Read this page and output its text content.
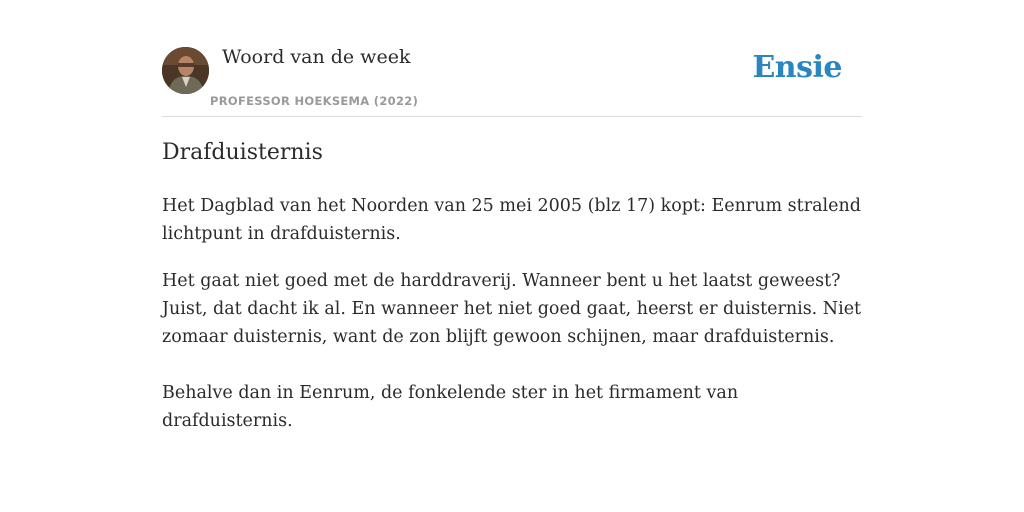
Woord van de week
PROFESSOR HOEKSEMA (2022)
Ensie
Drafduisternis

Het Dagblad van het Noorden van 25 mei 2005 (blz 17) kopt: Eenrum stralend lichtpunt in drafduisternis.

Het gaat niet goed met de harddraverij. Wanneer bent u het laatst geweest? Juist, dat dacht ik al. En wanneer het niet goed gaat, heerst er duisternis. Niet zomaar duisternis, want de zon blijft gewoon schijnen, maar drafduisternis.

Behalve dan in Eenrum, de fonkelende ster in het firmament van drafduisternis.
